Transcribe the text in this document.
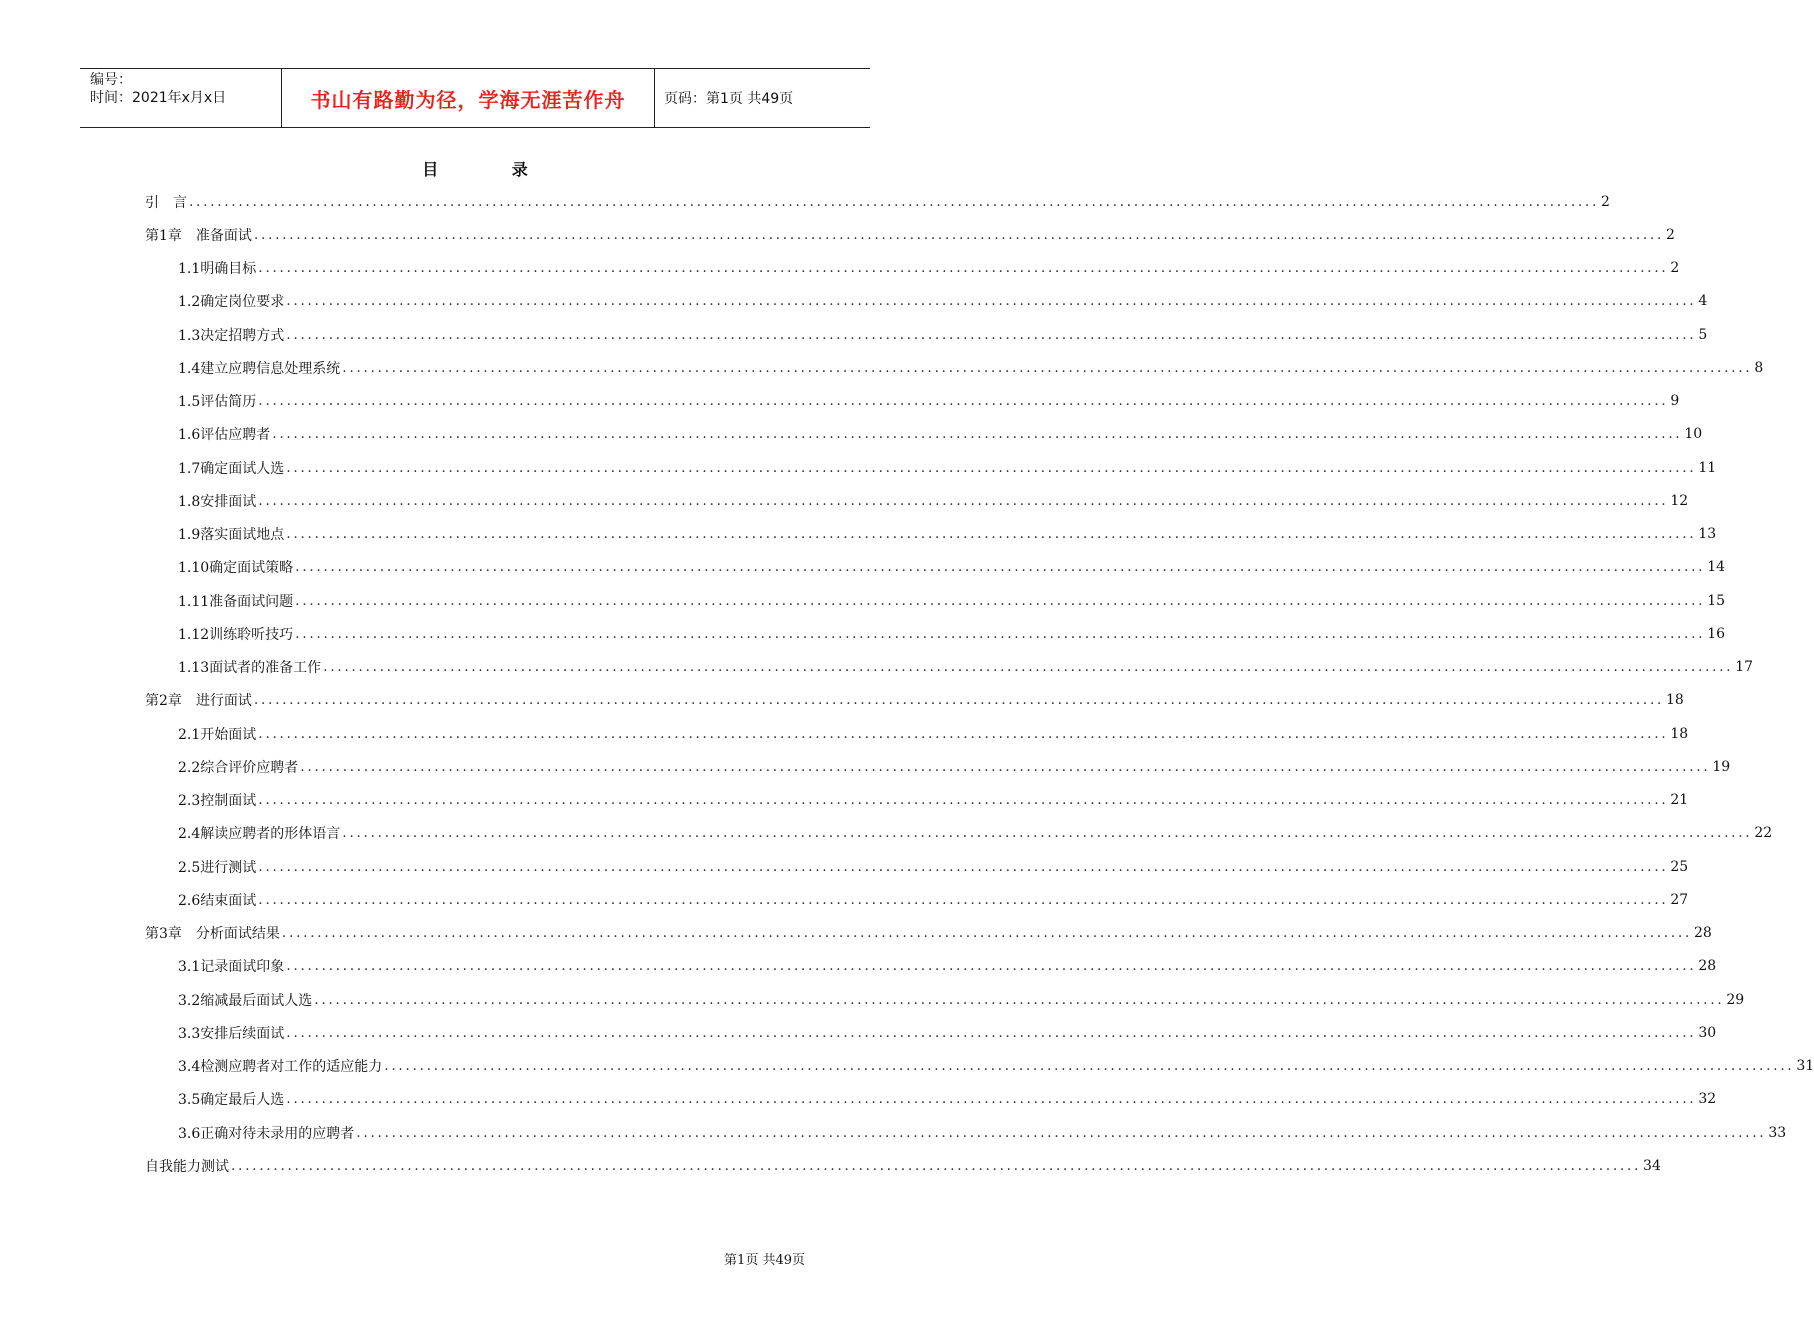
编号：
时间：2021年x月x日	书山有路勤为径，学海无涯苦作舟	页码：第1页 共49页
目 录
引　言 ........................................................................................................................................................................................................ 2
第1章　准备面试 ........................................................................................................................................................................................................ 2
1.1明确目标 ........................................................................................................................................................................................................ 2
1.2确定岗位要求 ........................................................................................................................................................................................................ 4
1.3决定招聘方式 ........................................................................................................................................................................................................ 5
1.4建立应聘信息处理系统 ........................................................................................................................................................................................................ 8
1.5评估简历 ........................................................................................................................................................................................................ 9
1.6评估应聘者 ........................................................................................................................................................................................................ 10
1.7确定面试人选 ........................................................................................................................................................................................................ 11
1.8安排面试 ........................................................................................................................................................................................................ 12
1.9落实面试地点 ........................................................................................................................................................................................................ 13
1.10确定面试策略 ........................................................................................................................................................................................................ 14
1.11准备面试问题 ........................................................................................................................................................................................................ 15
1.12训练聆听技巧 ........................................................................................................................................................................................................ 16
1.13面试者的准备工作 ........................................................................................................................................................................................................ 17
第2章　进行面试 ........................................................................................................................................................................................................ 18
2.1开始面试 ........................................................................................................................................................................................................ 18
2.2综合评价应聘者 ........................................................................................................................................................................................................ 19
2.3控制面试 ........................................................................................................................................................................................................ 21
2.4解读应聘者的形体语言 ........................................................................................................................................................................................................ 22
2.5进行测试 ........................................................................................................................................................................................................ 25
2.6结束面试 ........................................................................................................................................................................................................ 27
第3章　分析面试结果 ........................................................................................................................................................................................................ 28
3.1记录面试印象 ........................................................................................................................................................................................................ 28
3.2缩减最后面试人选 ........................................................................................................................................................................................................ 29
3.3安排后续面试 ........................................................................................................................................................................................................ 30
3.4检测应聘者对工作的适应能力 ........................................................................................................................................................................................................ 31
3.5确定最后人选 ........................................................................................................................................................................................................ 32
3.6正确对待未录用的应聘者 ........................................................................................................................................................................................................ 33
自我能力测试 ........................................................................................................................................................................................................ 34
第1页 共49页
